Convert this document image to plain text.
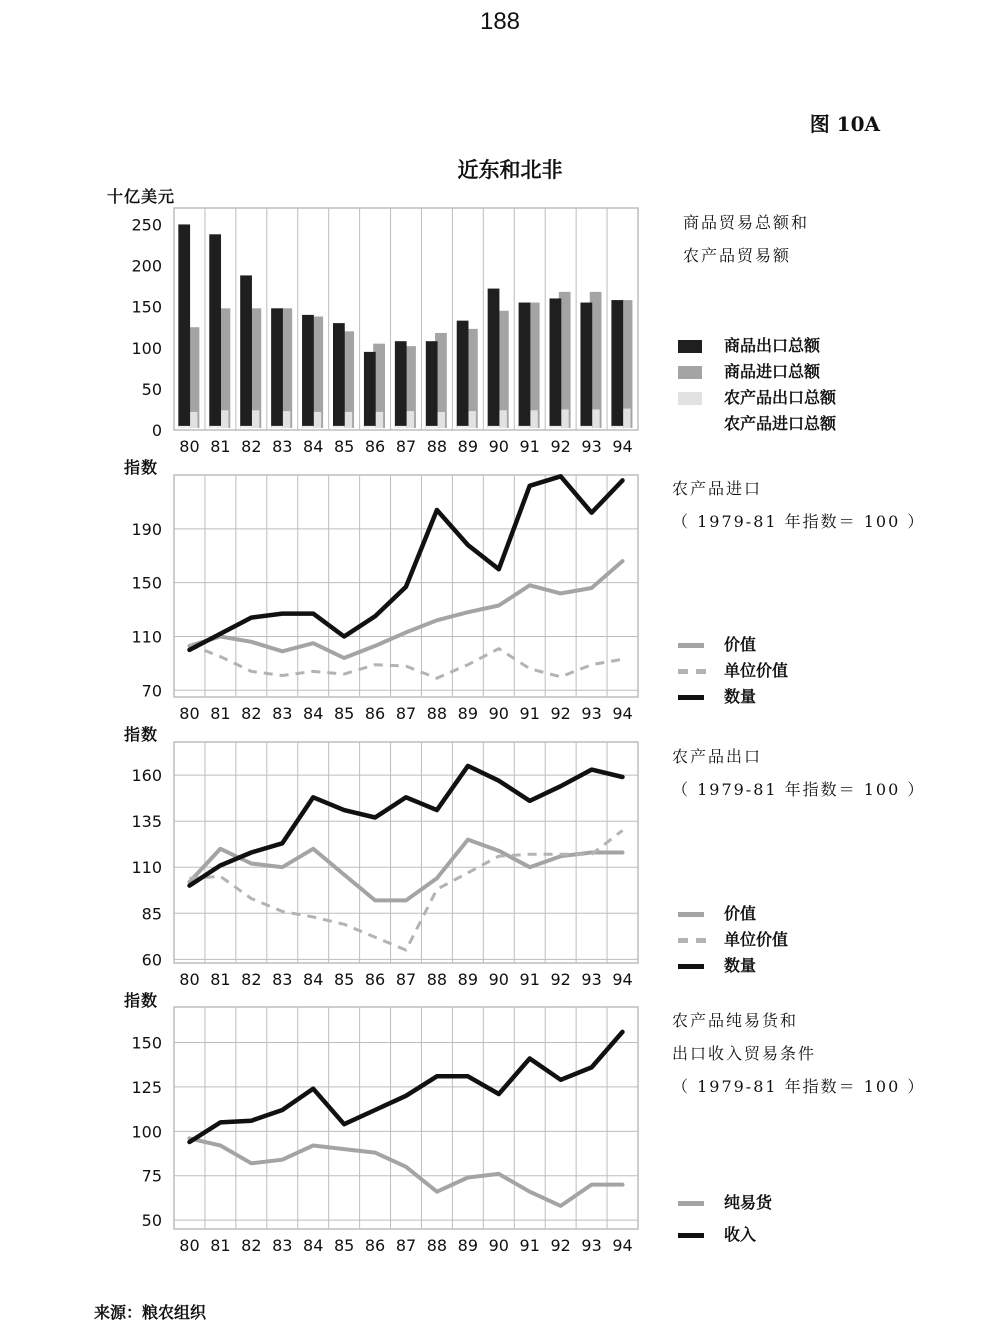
188
图 10A
近东和北非
十亿美元
商品贸易总额和
农产品贸易额
商品出口总额
商品进口总额
农产品出口总额
农产品进口总额
指数
农产品进口
（ 1979-81 年指数＝ 100 ）
价值
单位价值
数量
指数
农产品出口
（ 1979-81 年指数＝ 100 ）
价值
单位价值
数量
指数
农产品纯易货和
出口收入贸易条件
（ 1979-81 年指数＝ 100 ）
纯易货
收入
来源：粮农组织
0
50
100
150
200
250
80 81 82 83 84 85 86 87 88 89 90 91 92 93 94
70
110
150
190
80 81 82 83 84 85 86 87 88 89 90 91 92 93 94
60
85
110
135
160
80 81 82 83 84 85 86 87 88 89 90 91 92 93 94
50
75
100
125
150
80 81 82 83 84 85 86 87 88 89 90 91 92 93 94
